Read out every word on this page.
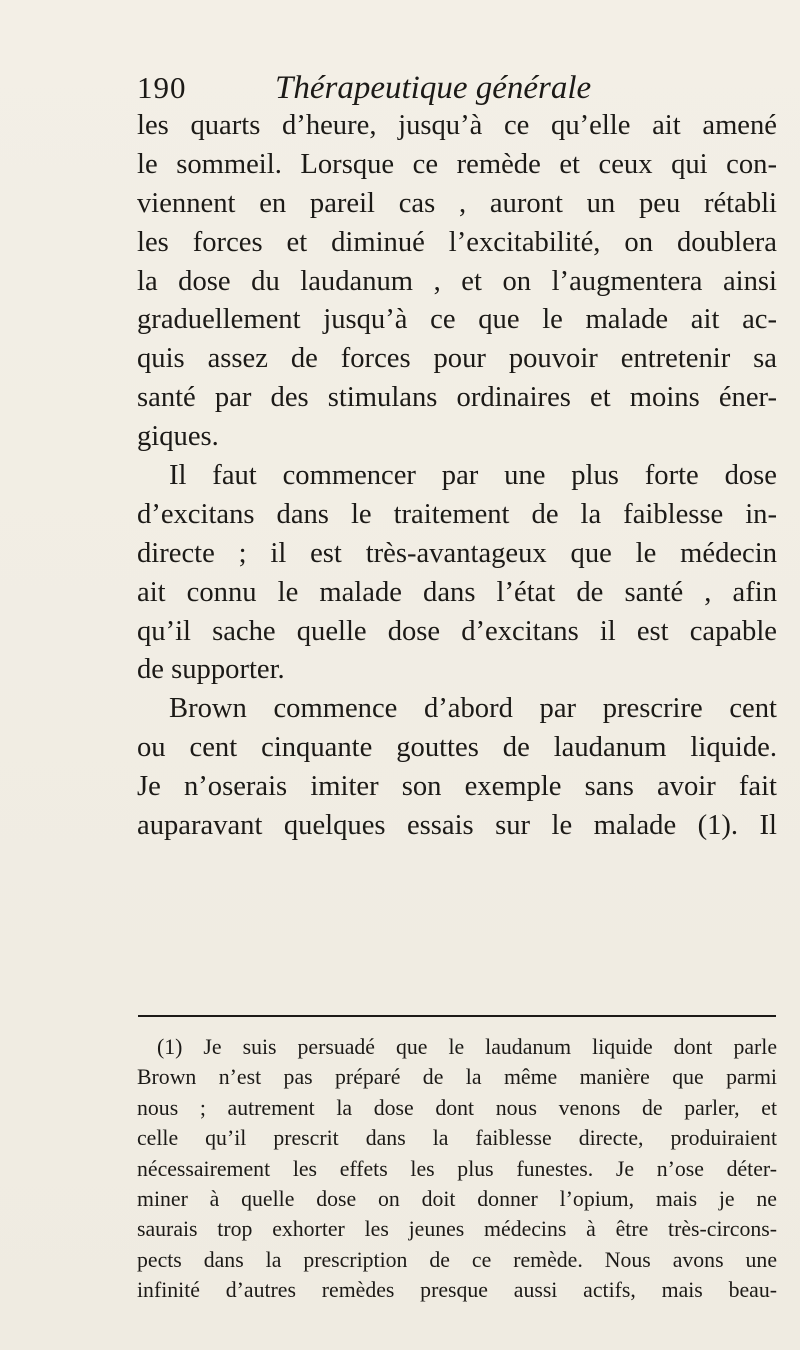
190	Thérapeutique générale
les quarts d’heure, jusqu’à ce qu’elle ait amené
le sommeil. Lorsque ce remède et ceux qui con-
viennent en pareil cas , auront un peu rétabli
les forces et diminué l’excitabilité, on doublera
la dose du laudanum , et on l’augmentera ainsi
graduellement jusqu’à ce que le malade ait ac-
quis assez de forces pour pouvoir entretenir sa
santé par des stimulans ordinaires et moins éner-
giques.
Il faut commencer par une plus forte dose
d’excitans dans le traitement de la faiblesse in-
directe ; il est très-avantageux que le médecin
ait connu le malade dans l’état de santé , afin
qu’il sache quelle dose d’excitans il est capable
de supporter.
Brown commence d’abord par prescrire cent
ou cent cinquante gouttes de laudanum liquide.
Je n’oserais imiter son exemple sans avoir fait
auparavant quelques essais sur le malade (1). Il
(1) Je suis persuadé que le laudanum liquide dont parle
Brown n’est pas préparé de la même manière que parmi
nous ; autrement la dose dont nous venons de parler, et
celle qu’il prescrit dans la faiblesse directe, produiraient
nécessairement les effets les plus funestes. Je n’ose déter-
miner à quelle dose on doit donner l’opium, mais je ne
saurais trop exhorter les jeunes médecins à être très-circons-
pects dans la prescription de ce remède. Nous avons une
infinité d’autres remèdes presque aussi actifs, mais beau-
